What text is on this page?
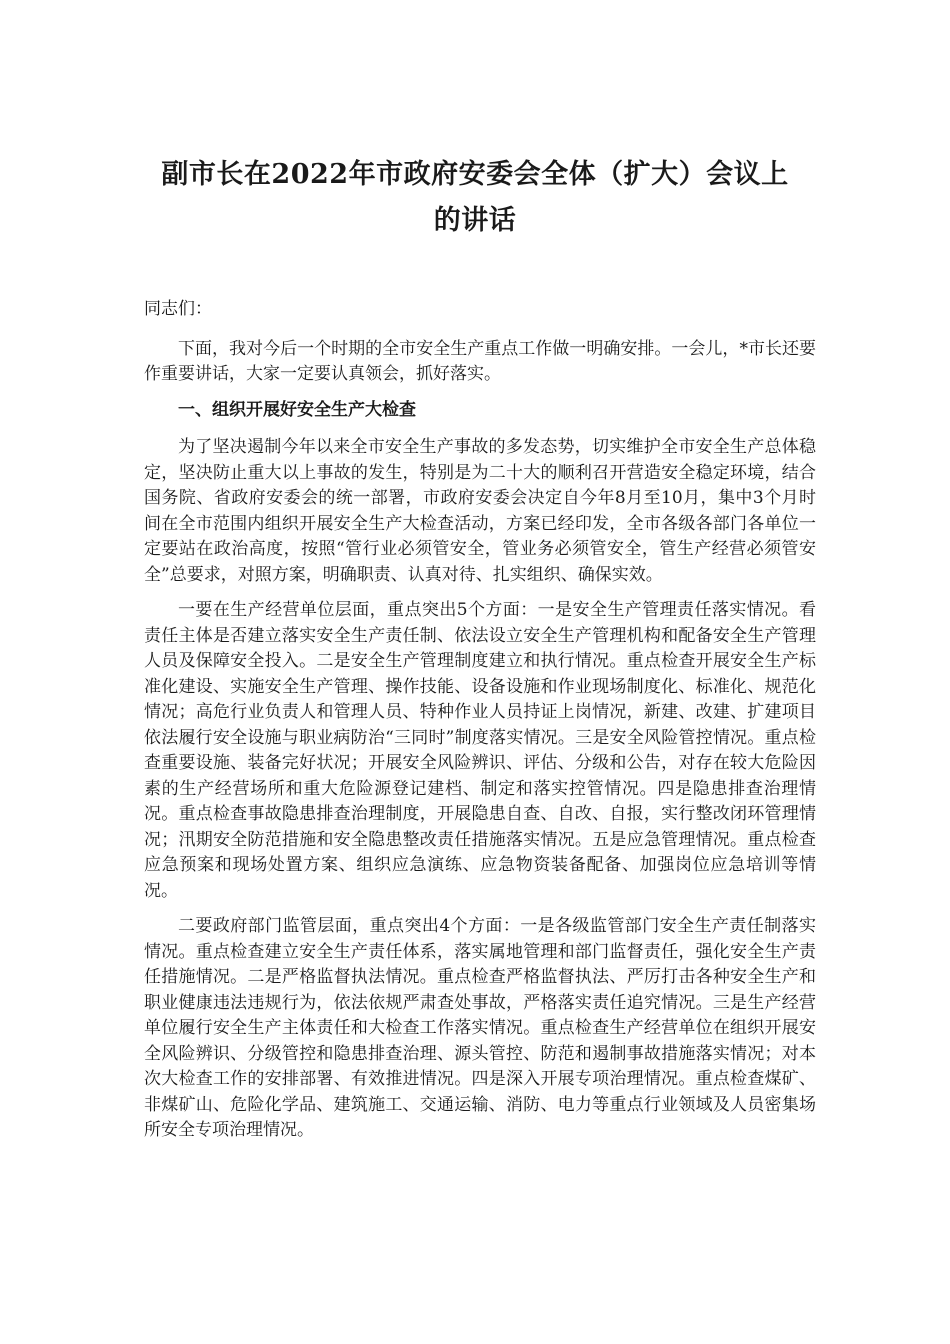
副市长在2022年市政府安委会全体（扩大）会议上
的讲话

同志们：

下面，我对今后一个时期的全市安全生产重点工作做一明确安排。一会儿，*市长还要作重要讲话，大家一定要认真领会，抓好落实。

一、组织开展好安全生产大检查

为了坚决遏制今年以来全市安全生产事故的多发态势，切实维护全市安全生产总体稳定，坚决防止重大以上事故的发生，特别是为二十大的顺利召开营造安全稳定环境，结合国务院、省政府安委会的统一部署，市政府安委会决定自今年8月至10月，集中3个月时间在全市范围内组织开展安全生产大检查活动，方案已经印发，全市各级各部门各单位一定要站在政治高度，按照“管行业必须管安全，管业务必须管安全，管生产经营必须管安全”总要求，对照方案，明确职责、认真对待、扎实组织、确保实效。

一要在生产经营单位层面，重点突出5个方面：一是安全生产管理责任落实情况。看责任主体是否建立落实安全生产责任制、依法设立安全生产管理机构和配备安全生产管理人员及保障安全投入。二是安全生产管理制度建立和执行情况。重点检查开展安全生产标准化建设、实施安全生产管理、操作技能、设备设施和作业现场制度化、标准化、规范化情况；高危行业负责人和管理人员、特种作业人员持证上岗情况，新建、改建、扩建项目依法履行安全设施与职业病防治“三同时”制度落实情况。三是安全风险管控情况。重点检查重要设施、装备完好状况；开展安全风险辨识、评估、分级和公告，对存在较大危险因素的生产经营场所和重大危险源登记建档、制定和落实控管情况。四是隐患排查治理情况。重点检查事故隐患排查治理制度，开展隐患自查、自改、自报，实行整改闭环管理情况；汛期安全防范措施和安全隐患整改责任措施落实情况。五是应急管理情况。重点检查应急预案和现场处置方案、组织应急演练、应急物资装备配备、加强岗位应急培训等情况。

二要政府部门监管层面，重点突出4个方面：一是各级监管部门安全生产责任制落实情况。重点检查建立安全生产责任体系，落实属地管理和部门监督责任，强化安全生产责任措施情况。二是严格监督执法情况。重点检查严格监督执法、严厉打击各种安全生产和职业健康违法违规行为，依法依规严肃查处事故，严格落实责任追究情况。三是生产经营单位履行安全生产主体责任和大检查工作落实情况。重点检查生产经营单位在组织开展安全风险辨识、分级管控和隐患排查治理、源头管控、防范和遏制事故措施落实情况；对本次大检查工作的安排部署、有效推进情况。四是深入开展专项治理情况。重点检查煤矿、非煤矿山、危险化学品、建筑施工、交通运输、消防、电力等重点行业领域及人员密集场所安全专项治理情况。
